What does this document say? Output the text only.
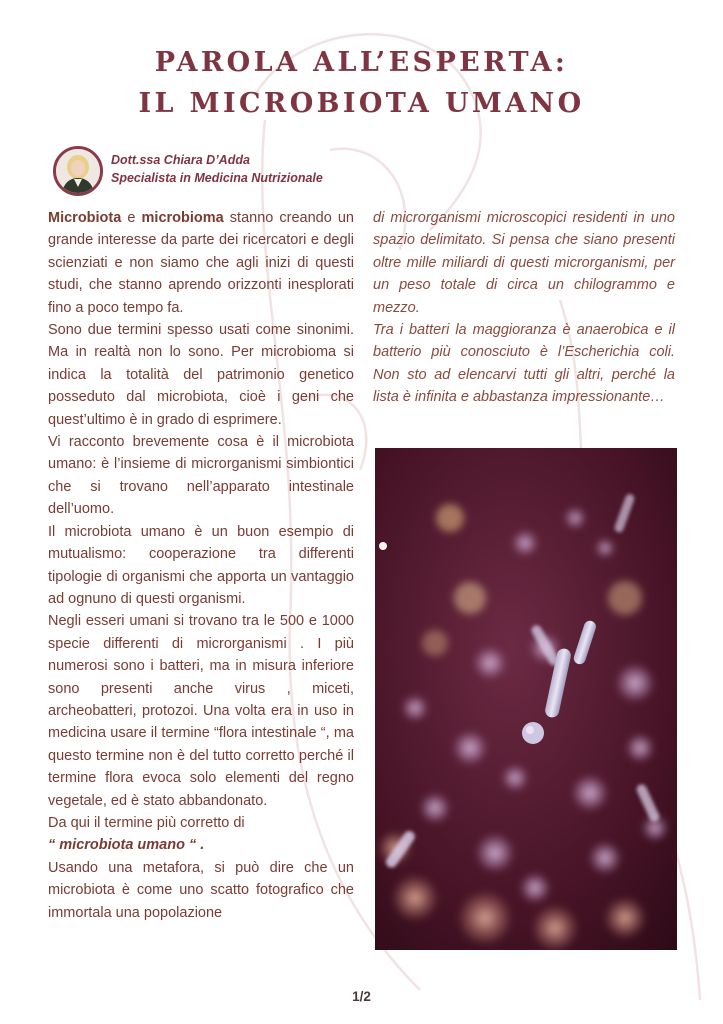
PAROLA ALL’ESPERTA:
IL MICROBIOTA UMANO
Dott.ssa Chiara D’Adda
Specialista in Medicina Nutrizionale

Microbiota e microbioma stanno creando un grande interesse da parte dei ricercatori e degli scienziati e non siamo che agli inizi di questi studi, che stanno aprendo orizzonti inesplorati fino a poco tempo fa.

Sono due termini spesso usati come sinonimi. Ma in realtà non lo sono. Per microbioma si indica la totalità del patrimonio genetico posseduto dal microbiota, cioè i geni che quest’ultimo è in grado di esprimere.

Vi racconto brevemente cosa è il microbiota umano: è l’insieme di microrganismi simbiontici che si trovano nell’apparato intestinale dell’uomo.

Il microbiota umano è un buon esempio di mutualismo: cooperazione tra differenti tipologie di organismi che apporta un vantaggio ad ognuno di questi organismi.

Negli esseri umani si trovano tra le 500 e 1000 specie differenti di microrganismi . I più numerosi sono i batteri, ma in misura inferiore sono presenti anche virus , miceti, archeobatteri, protozoi. Una volta era in uso in medicina usare il termine “flora intestinale “, ma questo termine non è del tutto corretto perché il termine flora evoca solo elementi del regno vegetale, ed è stato abbandonato.

Da qui il termine più corretto di

“ microbiota umano “ .

Usando una metafora, si può dire che un microbiota è come uno scatto fotografico che immortala una popolazione

di microrganismi microscopici residenti in uno spazio delimitato. Si pensa che siano presenti oltre mille miliardi di questi microrganismi, per un peso totale di circa un chilogrammo e mezzo.

Tra i batteri la maggioranza è anaerobica e il batterio più conosciuto è l’Escherichia coli. Non sto ad elencarvi tutti gli altri, perché la lista è infinita e abbastanza impressionante…

1/2
